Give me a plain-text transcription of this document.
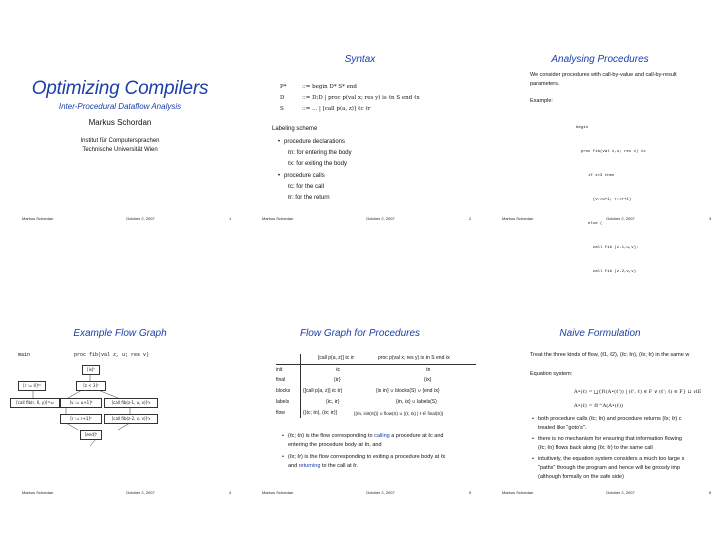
Optimizing Compilers
Inter-Procedural Dataflow Analysis
Markus Schordan
Institut für Computersprachen
Technische Universität Wien
Markus Schordan	October 2, 2007	1
Syntax
P*	::= begin D* S* end
D	::= D;D | proc p(val x; res y) is ℓn S end ℓx
S	::= ... | [call p(a, z)] ℓc ℓr
Labeling scheme
• procedure declarations
ℓn: for entering the body
ℓx: for exiting the body
• procedure calls
ℓc: for the call
ℓr: for the return
Markus Schordan	October 2, 2007	2
Analysing Procedures
We consider procedures with call-by-value and call-by-result
parameters.
Example:

begin

proc fib(val z,u; res v) is

if z<3 then

(v:=u+1; r:=r+1)

else (

call fib (z-1,u,v);

call fib (z-2,v,v)

Markus Schordan	October 2, 2007	3
Example Flow Graph
main	proc fib(val z, u; res v)
[r := 0]¹⁰
[is]⁰
[z < 3]²
[call fib(r, 0, y)]¹¹₁₂	[v := u+1]³	[call fib(z-1, u, v)]⁴₅
[r := r+1]⁶	[call fib(z-2, v, v)]⁷₈
[end]⁹
Markus Schordan	October 2, 2007	4
Flow Graph for Procedures
[call p(a, z)] ℓc ℓr	proc p(val x; res y) is ℓn S end ℓx
init	ℓc	ℓn
final	{ℓr}	{ℓx}
blocks	{[call p(a, z)] ℓc ℓr}	{is ℓn} ∪ blocks(S) ∪ {end ℓx}
labels	{ℓc, ℓr}	{ℓn, ℓx} ∪ labels(S)
flow	{(ℓc; ℓn), (ℓx; ℓr)}	{(ℓn, init(S))} ∪ flow(S) ∪ {(ℓ, ℓx) | ℓ ∈ final(S)}
• (ℓc; ℓn) is the flow corresponding to calling a procedure at ℓc and
entering the procedure body at ℓn, and
• (ℓx; ℓr) is the flow corresponding to exiting a procedure body at ℓx
and returning to the call at ℓr.
Markus Schordan	October 2, 2007	5
Naive Formulation
Treat the three kinds of flow, (ℓ1, ℓ2), (ℓc; ℓn), (ℓx; ℓr) in the same w
Equation system:
A•(ℓ) = ⨆{fℓ(A•(ℓ')) | (ℓ', ℓ) ∈ F ∨ (ℓ'; ℓ) ∈ F} ⊔ ιℓE
A•(ℓ) = fℓ^A(A•(ℓ))
• both procedure calls (ℓc; ℓn) and procedure returns (ℓx; ℓr) c
treated like "goto's".
• there is no mechanism for ensuring that information flowing
(ℓc; ℓn) flows back along (ℓx; ℓr) to the same call
• intuitively, the equation system considers a much too large s
"paths" through the program and hence will be grossly imp
(although formally on the safe side)
Markus Schordan	October 2, 2007	6
